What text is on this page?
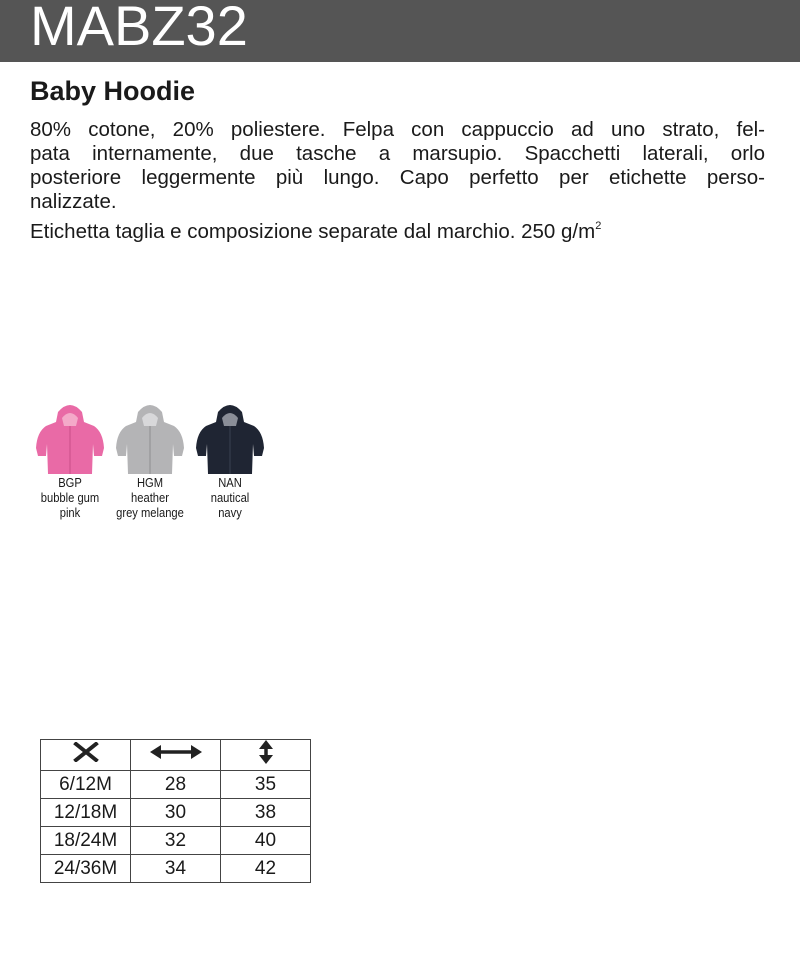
MABZ32
Baby Hoodie
80% cotone, 20% poliestere. Felpa con cappuccio ad uno strato, fel-
pata internamente, due tasche a marsupio. Spacchetti laterali, orlo
posteriore leggermente più lungo. Capo perfetto per etichette perso-
nalizzate.
Etichetta taglia e composizione separate dal marchio. 250 $g/m^2$
BGP
bubble gum
pink
HGM
heather
grey melange
NAN
nautical
navy

6/12M	28	35
12/18M	30	38
18/24M	32	40
24/36M	34	42
